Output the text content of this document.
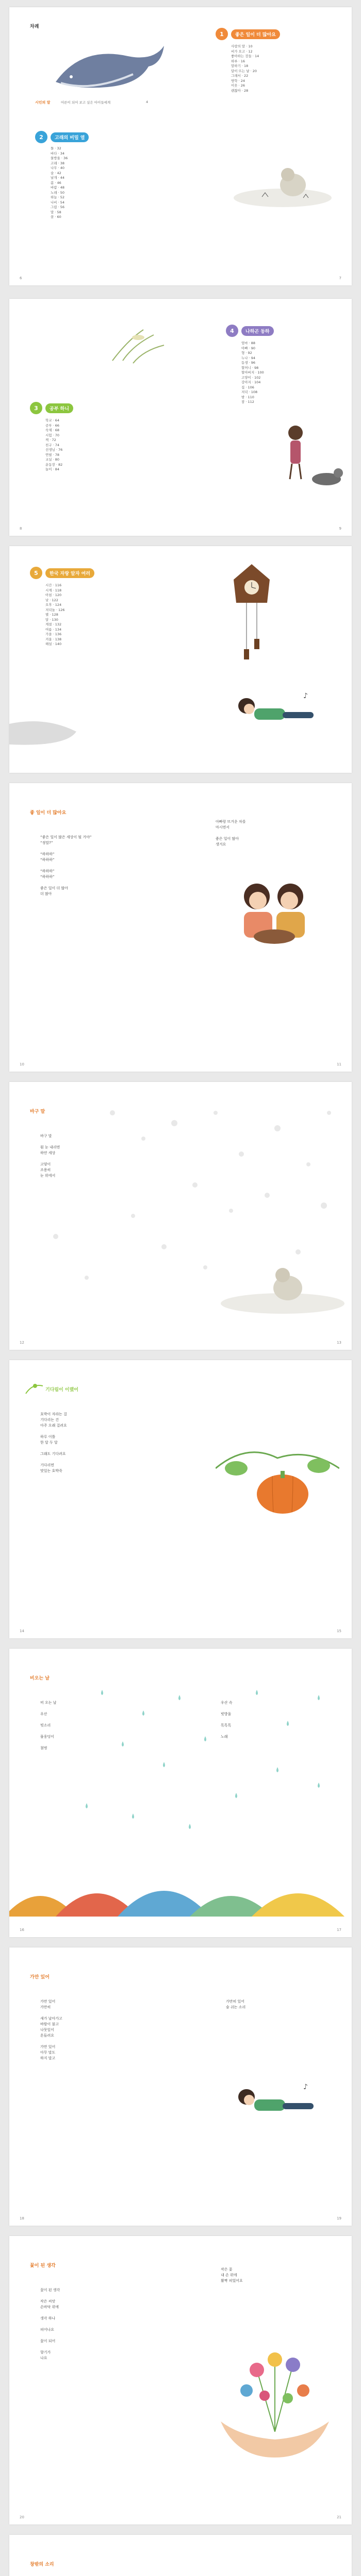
차례
시인의 말	어른이 되어 보고 싶은 아이들에게	4
2	고래의 비밀 열
돌 · 32
바다 · 34
물방울 · 36
고래 · 38
나무 · 40
숲 · 42
날개 · 44
봄 · 46
바람 · 48
노래 · 50
하늘 · 52
나비 · 54
그림 · 56
말 · 58
꿈 · 60
1	좋은 일이 더 많아요
사랑의 말 · 10
비가 오고 · 12
좋아하는 것들 · 14
하루 · 16
말하기 · 18
달이 뜨는 날 · 20
그래서 · 22
방학 · 24
이웃 · 26
괜찮아 · 28
6	7
3	공부 하니
학교 · 64
공부 · 66
숙제 · 68
시험 · 70
책 · 72
친구 · 74
선생님 · 76
연필 · 78
교실 · 80
운동장 · 82
놀이 · 84
4	나하곤 동하
엄마 · 88
아빠 · 90
형 · 92
누나 · 94
동생 · 96
할머니 · 98
할아버지 · 100
고양이 · 102
강아지 · 104
집 · 106
저녁 · 108
밤 · 110
잠 · 112
8	9
5	한국 자랑 알자 여러
시간 · 116
시계 · 118
아침 · 120
낮 · 122
오후 · 124
저녁놀 · 126
별 · 128
달 · 130
계절 · 132
여름 · 134
가을 · 136
겨울 · 138
해설 · 140
♪
좋 일이 더 많아요
“좋은 일이 많은 세상이 될 거야”
“정말?”

“하하하”
“하하하”

“하하하”
“하하하”

좋은 일이 더 많아
더 많아
아빠랑 뜨거운 차를
마시면서

좋은 일이 많아
생겨요
10	11
바구 말
바구 말

흰 눈 내리면
하얀 세상

고양이
조용히
눈 위에서
12	13
기다림이 이랬어
호박이 자라는 걸
기다리는 건
아주 오래 걸려요

하루 이틀
한 달 두 달

그래도 기다려요

기다리면
맛있는 호박죽
14	15
비오는 날
비 오는 날

우산

빗소리

물웅덩이

첨벙
우산 속

빗방울

톡톡톡

노래
16	17
가만 있어
가만 있어
가만히

새가 날아가고
바람이 불고
나뭇잎이
흔들려요

가만 있어
아무 말도
하지 말고
가만히 있어
숨 쉬는 소리
♪
18	19
꽃이 된 생각
꽃이 된 생각

작은 씨앗
손바닥 위에

생각 하나

피어나요

꽃이 되어

향기가
나요
작은 꽃
내 손 위에
활짝 피었어요
20	21
창밖의 소리
